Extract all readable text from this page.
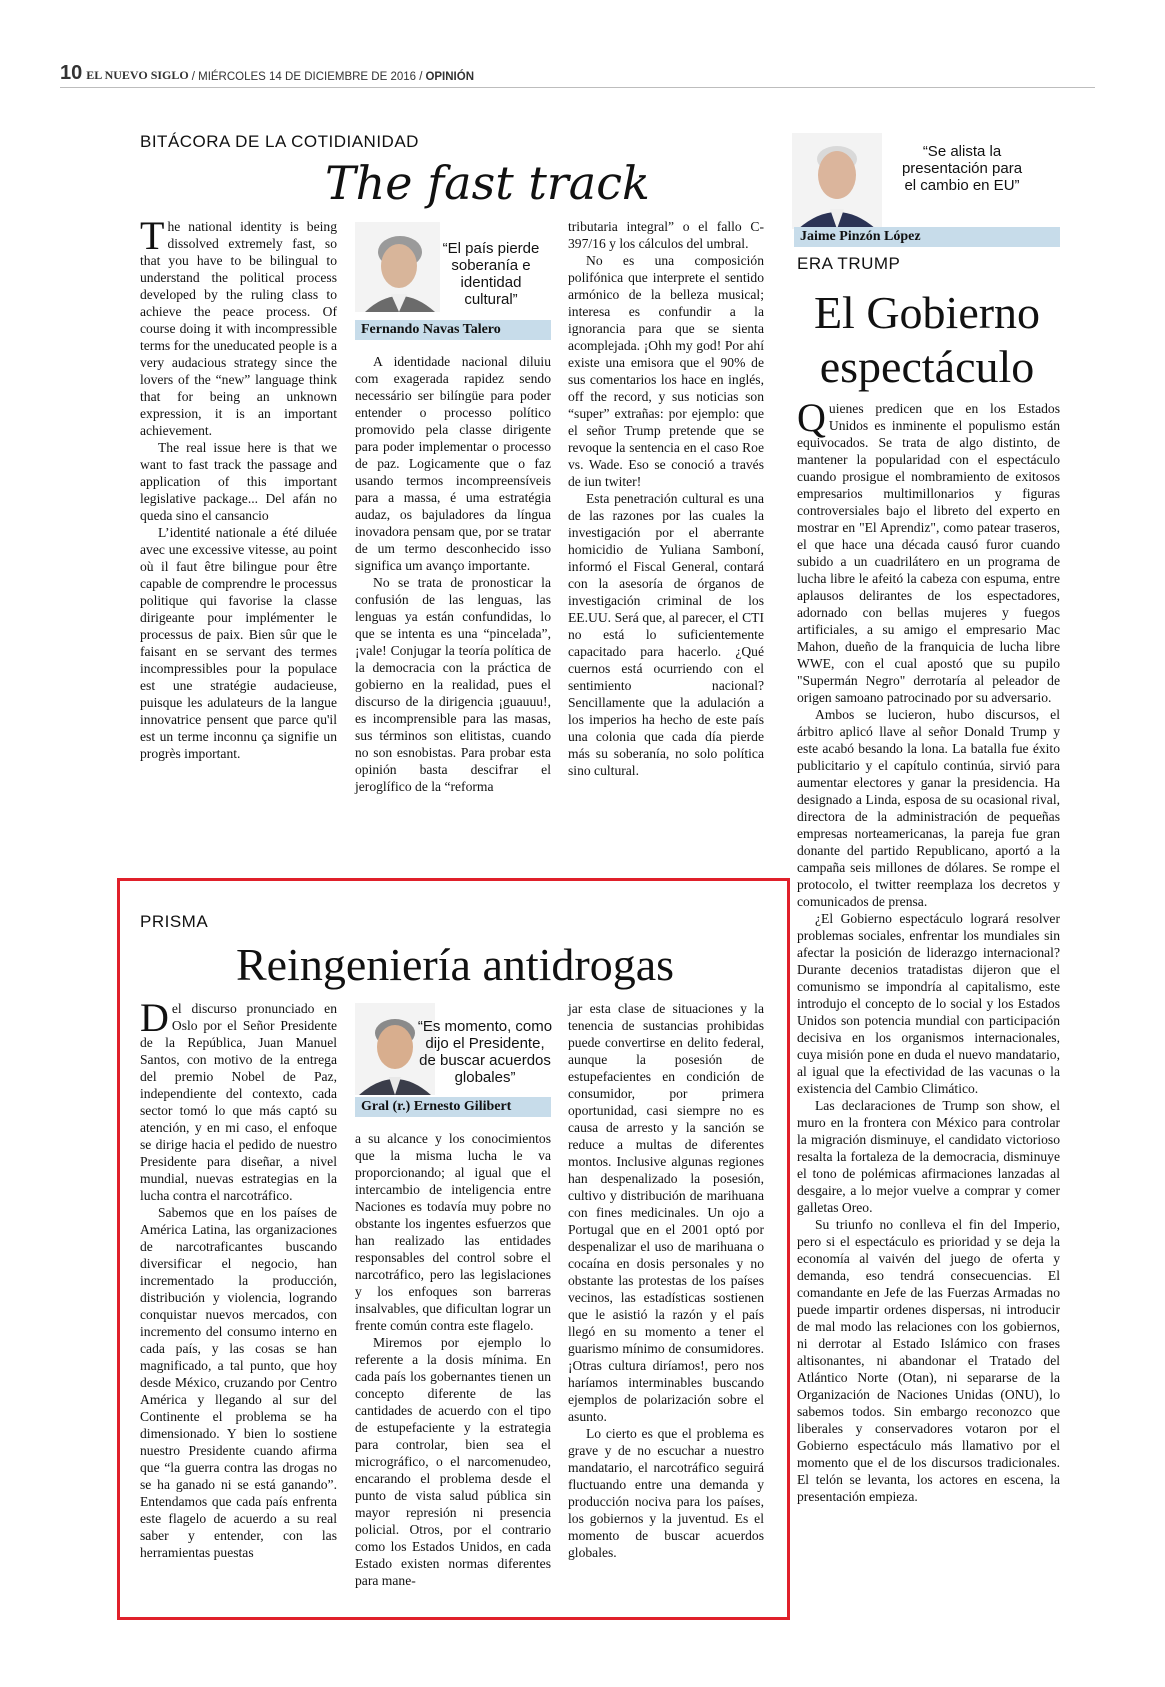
10 EL NUEVO SIGLO / MIÉRCOLES 14 DE DICIEMBRE DE 2016 / OPINIÓN
BITÁCORA DE LA COTIDIANIDAD
The fast track

The national identity is being dissolved extremely fast, so that you have to be bilingual to understand the political process developed by the ruling class to achieve the peace process. Of course doing it with incompressible terms for the uneducated people is a very audacious strategy since the lovers of the “new” language think that for being an unknown expression, it is an important achievement.

The real issue here is that we want to fast track the passage and application of this important legislative package... Del afán no queda sino el cansancio

L’identité nationale a été diluée avec une excessive vitesse, au point où il faut être bilingue pour être capable de comprendre le processus politique qui favorise la classe dirigeante pour implémenter le processus de paix. Bien sûr que le faisant en se servant des termes incompressibles pour la populace est une stratégie audacieuse, puisque les adulateurs de la langue innovatrice pensent que parce qu'il est un terme inconnu ça signifie un progrès important.

“El país pierde soberanía e identidad cultural”
Fernando Navas Talero

A identidade nacional diluiu com exagerada rapidez sendo necessário ser bilíngüe para poder entender o processo político promovido pela classe dirigente para poder implementar o processo de paz. Logicamente que o faz usando termos incompreensíveis para a massa, é uma estratégia audaz, os bajuladores da língua inovadora pensam que, por se tratar de um termo desconhecido isso significa um avanço importante.

No se trata de pronosticar la confusión de las lenguas, las lenguas ya están confundidas, lo que se intenta es una “pincelada”, ¡vale! Conjugar la teoría política de la democracia con la práctica de gobierno en la realidad, pues el discurso de la dirigencia ¡guauuu!, es incomprensible para las masas, sus términos son elitistas, cuando no son esnobistas. Para probar esta opinión basta descifrar el jeroglífico de la “reforma

tributaria integral” o el fallo C-397/16 y los cálculos del umbral.

No es una composición polifónica que interprete el sentido armónico de la belleza musical; interesa es confundir a la ignorancia para que se sienta acomplejada. ¡Ohh my god! Por ahí existe una emisora que el 90% de sus comentarios los hace en inglés, off the record, y sus noticias son “super” extrañas: por ejemplo: que el señor Trump pretende que se revoque la sentencia en el caso Roe vs. Wade. Eso se conoció a través de iun twiter!

Esta penetración cultural es una de las razones por las cuales la investigación por el aberrante homicidio de Yuliana Samboní, informó el Fiscal General, contará con la asesoría de órganos de investigación criminal de los EE.UU. Será que, al parecer, el CTI no está lo suficientemente capacitado para hacerlo. ¿Qué cuernos está ocurriendo con el sentimiento nacional? Sencillamente que la adulación a los imperios ha hecho de este país una colonia que cada día pierde más su soberanía, no solo política sino cultural.

“Se alista la presentación para el cambio en EU”
Jaime Pinzón López
ERA TRUMP
El Gobierno
espectáculo

Quienes predicen que en los Estados Unidos es inminente el populismo están equivocados. Se trata de algo distinto, de mantener la popularidad con el espectáculo cuando prosigue el nombramiento de exitosos empresarios multimillonarios y figuras controversiales bajo el libreto del experto en mostrar en "El Aprendiz", como patear traseros, el que hace una década causó furor cuando subido a un cuadrilátero en un programa de lucha libre le afeitó la cabeza con espuma, entre aplausos delirantes de los espectadores, adornado con bellas mujeres y fuegos artificiales, a su amigo el empresario Mac Mahon, dueño de la franquicia de lucha libre WWE, con el cual apostó que su pupilo "Supermán Negro" derrotaría al peleador de origen samoano patrocinado por su adversario.

Ambos se lucieron, hubo discursos, el árbitro aplicó llave al señor Donald Trump y este acabó besando la lona. La batalla fue éxito publicitario y el capítulo continúa, sirvió para aumentar electores y ganar la presidencia. Ha designado a Linda, esposa de su ocasional rival, directora de la administración de pequeñas empresas norteamericanas, la pareja fue gran donante del partido Republicano, aportó a la campaña seis millones de dólares. Se rompe el protocolo, el twitter reemplaza los decretos y comunicados de prensa.

¿El Gobierno espectáculo logrará resolver problemas sociales, enfrentar los mundiales sin afectar la posición de liderazgo internacional? Durante decenios tratadistas dijeron que el comunismo se impondría al capitalismo, este introdujo el concepto de lo social y los Estados Unidos son potencia mundial con participación decisiva en los organismos internacionales, cuya misión pone en duda el nuevo mandatario, al igual que la efectividad de las vacunas o la existencia del Cambio Climático.

Las declaraciones de Trump son show, el muro en la frontera con México para controlar la migración disminuye, el candidato victorioso resalta la fortaleza de la democracia, disminuye el tono de polémicas afirmaciones lanzadas al desgaire, a lo mejor vuelve a comprar y comer galletas Oreo.

Su triunfo no conlleva el fin del Imperio, pero si el espectáculo es prioridad y se deja la economía al vaivén del juego de oferta y demanda, eso tendrá consecuencias. El comandante en Jefe de las Fuerzas Armadas no puede impartir ordenes dispersas, ni introducir de mal modo las relaciones con los gobiernos, ni derrotar al Estado Islámico con frases altisonantes, ni abandonar el Tratado del Atlántico Norte (Otan), ni separarse de la Organización de Naciones Unidas (ONU), lo sabemos todos. Sin embargo reconozco que liberales y conservadores votaron por el Gobierno espectáculo más llamativo por el momento que el de los discursos tradicionales. El telón se levanta, los actores en escena, la presentación empieza.

PRISMA
Reingeniería antidrogas

Del discurso pronunciado en Oslo por el Señor Presidente de la República, Juan Manuel Santos, con motivo de la entrega del premio Nobel de Paz, independiente del contexto, cada sector tomó lo que más captó su atención, y en mi caso, el enfoque se dirige hacia el pedido de nuestro Presidente para diseñar, a nivel mundial, nuevas estrategias en la lucha contra el narcotráfico.

Sabemos que en los países de América Latina, las organizaciones de narcotraficantes buscando diversificar el negocio, han incrementado la producción, distribución y violencia, logrando conquistar nuevos mercados, con incremento del consumo interno en cada país, y las cosas se han magnificado, a tal punto, que hoy desde México, cruzando por Centro América y llegando al sur del Continente el problema se ha dimensionado. Y bien lo sostiene nuestro Presidente cuando afirma que “la guerra contra las drogas no se ha ganado ni se está ganando”. Entendamos que cada país enfrenta este flagelo de acuerdo a su real saber y entender, con las herramientas puestas

“Es momento, como dijo el Presidente, de buscar acuerdos globales”
Gral (r.) Ernesto Gilibert

a su alcance y los conocimientos que la misma lucha le va proporcionando; al igual que el intercambio de inteligencia entre Naciones es todavía muy pobre no obstante los ingentes esfuerzos que han realizado las entidades responsables del control sobre el narcotráfico, pero las legislaciones y los enfoques son barreras insalvables, que dificultan lograr un frente común contra este flagelo.

Miremos por ejemplo lo referente a la dosis mínima. En cada país los gobernantes tienen un concepto diferente de las cantidades de acuerdo con el tipo de estupefaciente y la estrategia para controlar, bien sea el micrográfico, o el narcomenudeo, encarando el problema desde el punto de vista salud pública sin mayor represión ni presencia policial. Otros, por el contrario como los Estados Unidos, en cada Estado existen normas diferentes para mane-

jar esta clase de situaciones y la tenencia de sustancias prohibidas puede convertirse en delito federal, aunque la posesión de estupefacientes en condición de consumidor, por primera oportunidad, casi siempre no es causa de arresto y la sanción se reduce a multas de diferentes montos. Inclusive algunas regiones han despenalizado la posesión, cultivo y distribución de marihuana con fines medicinales. Un ojo a Portugal que en el 2001 optó por despenalizar el uso de marihuana o cocaína en dosis personales y no obstante las protestas de los países vecinos, las estadísticas sostienen que le asistió la razón y el país llegó en su momento a tener el guarismo mínimo de consumidores. ¡Otras cultura diríamos!, pero nos haríamos interminables buscando ejemplos de polarización sobre el asunto.

Lo cierto es que el problema es grave y de no escuchar a nuestro mandatario, el narcotráfico seguirá fluctuando entre una demanda y producción nociva para los países, los gobiernos y la juventud. Es el momento de buscar acuerdos globales.
